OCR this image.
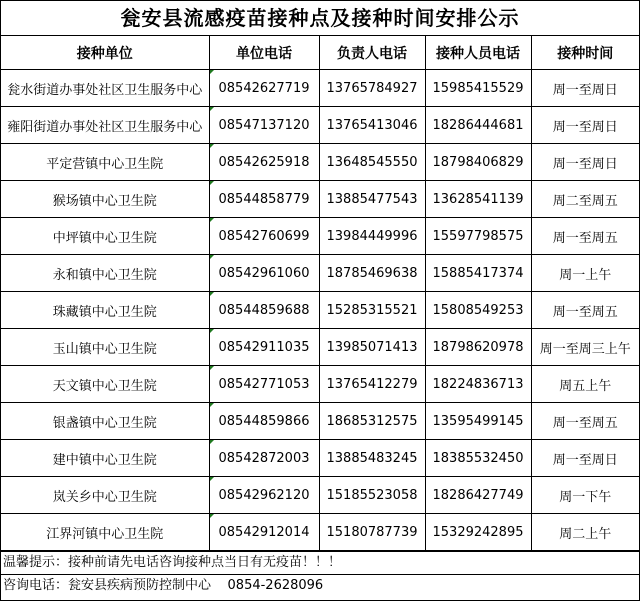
瓮安县流感疫苗接种点及接种时间安排公示
接种单位	单位电话	负责人电话	接种人员电话	接种时间
瓮水街道办事处社区卫生服务中心	08542627719	13765784927	15985415529	周一至周日
雍阳街道办事处社区卫生服务中心	08547137120	13765413046	18286444681	周一至周日
平定营镇中心卫生院	08542625918	13648545550	18798406829	周一至周日
猴场镇中心卫生院	08544858779	13885477543	13628541139	周二至周五
中坪镇中心卫生院	08542760699	13984449996	15597798575	周一至周五
永和镇中心卫生院	08542961060	18785469638	15885417374	周一上午
珠藏镇中心卫生院	08544859688	15285315521	15808549253	周一至周五
玉山镇中心卫生院	08542911035	13985071413	18798620978	周一至周三上午
天文镇中心卫生院	08542771053	13765412279	18224836713	周五上午
银盏镇中心卫生院	08544859866	18685312575	13595499145	周一至周五
建中镇中心卫生院	08542872003	13885483245	18385532450	周一至周日
岚关乡中心卫生院	08542962120	15185523058	18286427749	周一下午
江界河镇中心卫生院	08542912014	15180787739	15329242895	周二上午
温馨提示：接种前请先电话咨询接种点当日有无疫苗！！！
咨询电话：瓮安县疾病预防控制中心    0854-2628096
